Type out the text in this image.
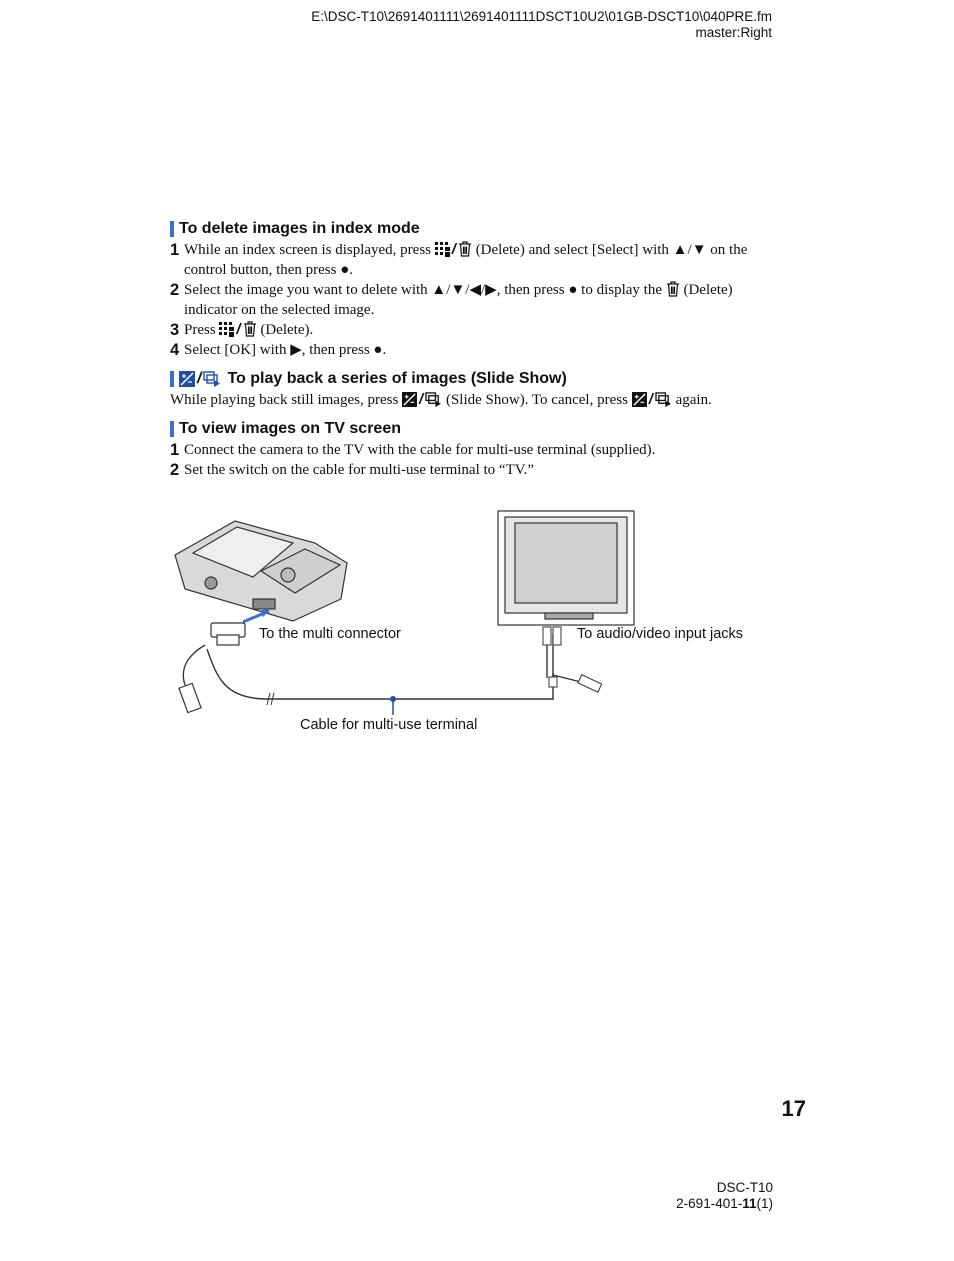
E:\DSC-T10\2691401111\2691401111DSCT10U2\01GB-DSCT10\040PRE.fm
master:Right
To delete images in index mode
1 While an index screen is displayed, press / (Delete) and select [Select] with ▲/▼ on the control button, then press ●.
2 Select the image you want to delete with ▲/▼/◀/▶, then press ● to display the (Delete) indicator on the selected image.
3 Press / (Delete).
4 Select [OK] with ▶, then press ●.
/ To play back a series of images (Slide Show)
While playing back still images, press / (Slide Show). To cancel, press / again.
To view images on TV screen
1 Connect the camera to the TV with the cable for multi-use terminal (supplied).
2 Set the switch on the cable for multi-use terminal to “TV.”
To the multi connector	To audio/video input jacks
Cable for multi-use terminal
17
DSC-T10
2-691-401-11(1)
